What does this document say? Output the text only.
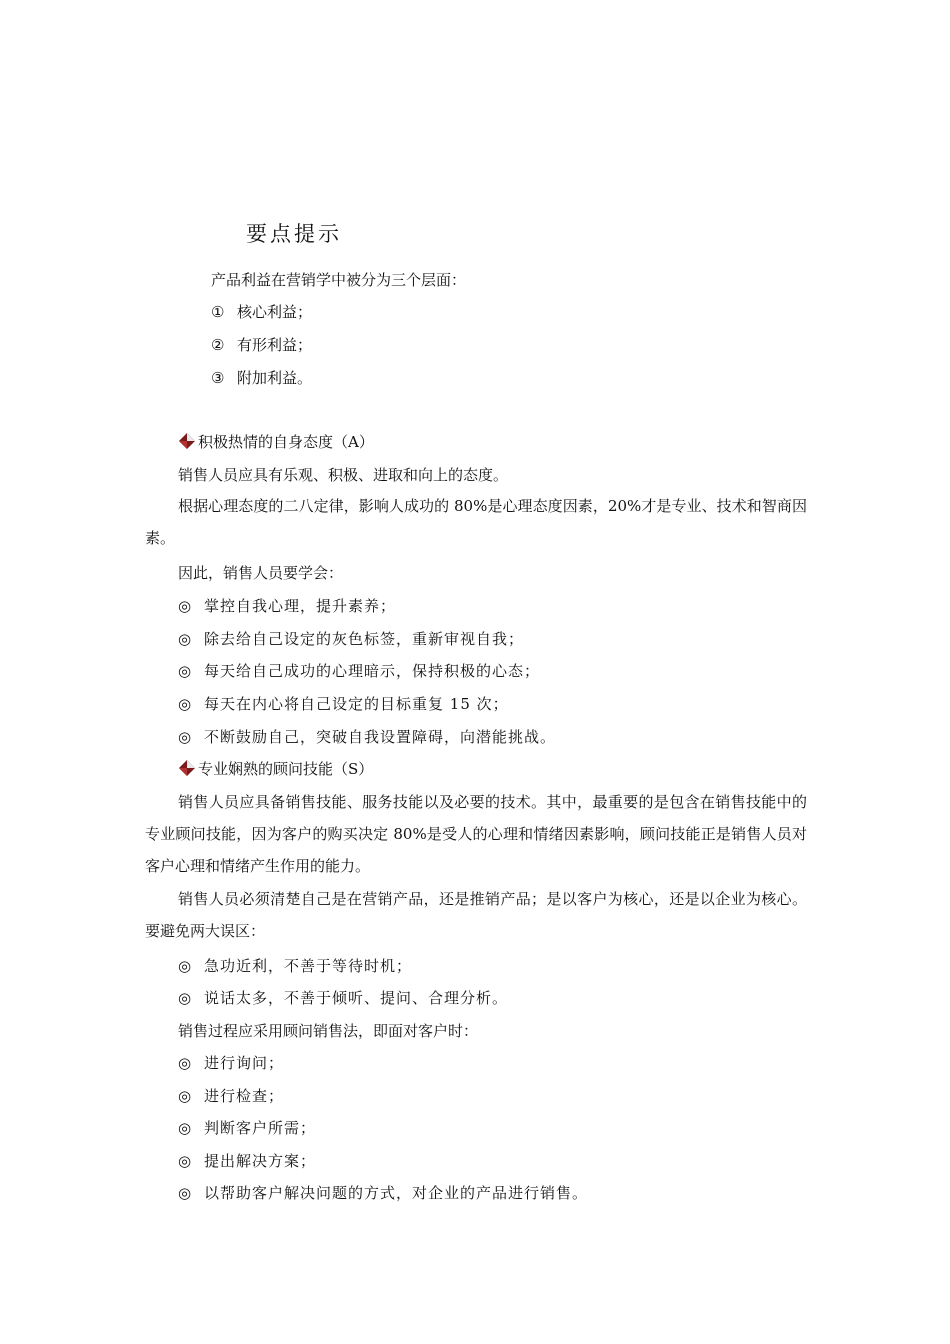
要点提示
产品利益在营销学中被分为三个层面：
① 核心利益；
② 有形利益；
③ 附加利益。
积极热情的自身态度（A）
销售人员应具有乐观、积极、进取和向上的态度。
根据心理态度的二八定律，影响人成功的 80%是心理态度因素，20%才是专业、技术和智商因素。
因此，销售人员要学会：
◎ 掌控自我心理，提升素养；
◎ 除去给自己设定的灰色标签，重新审视自我；
◎ 每天给自己成功的心理暗示，保持积极的心态；
◎ 每天在内心将自己设定的目标重复 15 次；
◎ 不断鼓励自己，突破自我设置障碍，向潜能挑战。
专业娴熟的顾问技能（S）
销售人员应具备销售技能、服务技能以及必要的技术。其中，最重要的是包含在销售技能中的专业顾问技能，因为客户的购买决定 80%是受人的心理和情绪因素影响，顾问技能正是销售人员对客户心理和情绪产生作用的能力。
销售人员必须清楚自己是在营销产品，还是推销产品；是以客户为核心，还是以企业为核心。要避免两大误区：
◎ 急功近利，不善于等待时机；
◎ 说话太多，不善于倾听、提问、合理分析。
销售过程应采用顾问销售法，即面对客户时：
◎ 进行询问；
◎ 进行检查；
◎ 判断客户所需；
◎ 提出解决方案；
◎ 以帮助客户解决问题的方式，对企业的产品进行销售。
